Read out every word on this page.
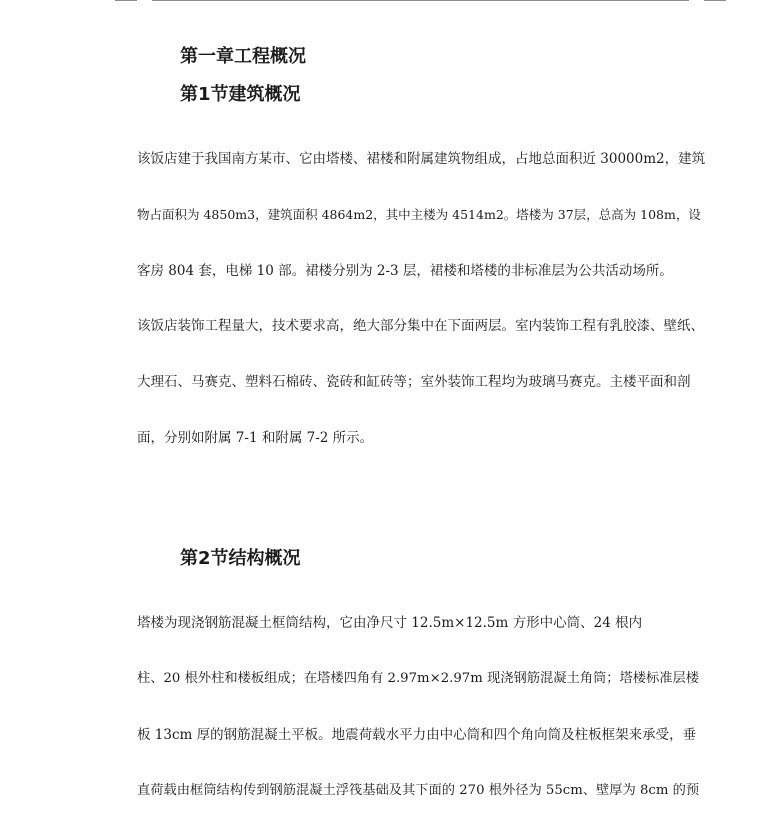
第一章工程概况
第1节建筑概况
该饭店建于我国南方某市、它由塔楼、裙楼和附属建筑物组成，占地总面积近 30000m2，建筑
物占面积为 4850m3，建筑面积 4864m2，其中主楼为 4514m2。塔楼为 37层，总高为 108m，设
客房 804 套，电梯 10 部。裙楼分别为 2-3 层，裙楼和塔楼的非标准层为公共活动场所。
该饭店装饰工程量大，技术要求高，绝大部分集中在下面两层。室内装饰工程有乳胶漆、壁纸、
大理石、马赛克、塑料石棉砖、瓷砖和缸砖等；室外装饰工程均为玻璃马赛克。主楼平面和剖
面，分别如附属 7-1 和附属 7-2 所示。
第2节结构概况
塔楼为现浇钢筋混凝土框筒结构，它由净尺寸 12.5m×12.5m 方形中心筒、24 根内
柱、20 根外柱和楼板组成；在塔楼四角有 2.97m×2.97m 现浇钢筋混凝土角筒；塔楼标准层楼
板 13cm 厚的钢筋混凝土平板。地震荷载水平力由中心筒和四个角向筒及柱板框架来承受，垂
直荷载由框筒结构传到钢筋混凝土浮筏基础及其下面的 270 根外径为 55cm、壁厚为 8cm 的预
